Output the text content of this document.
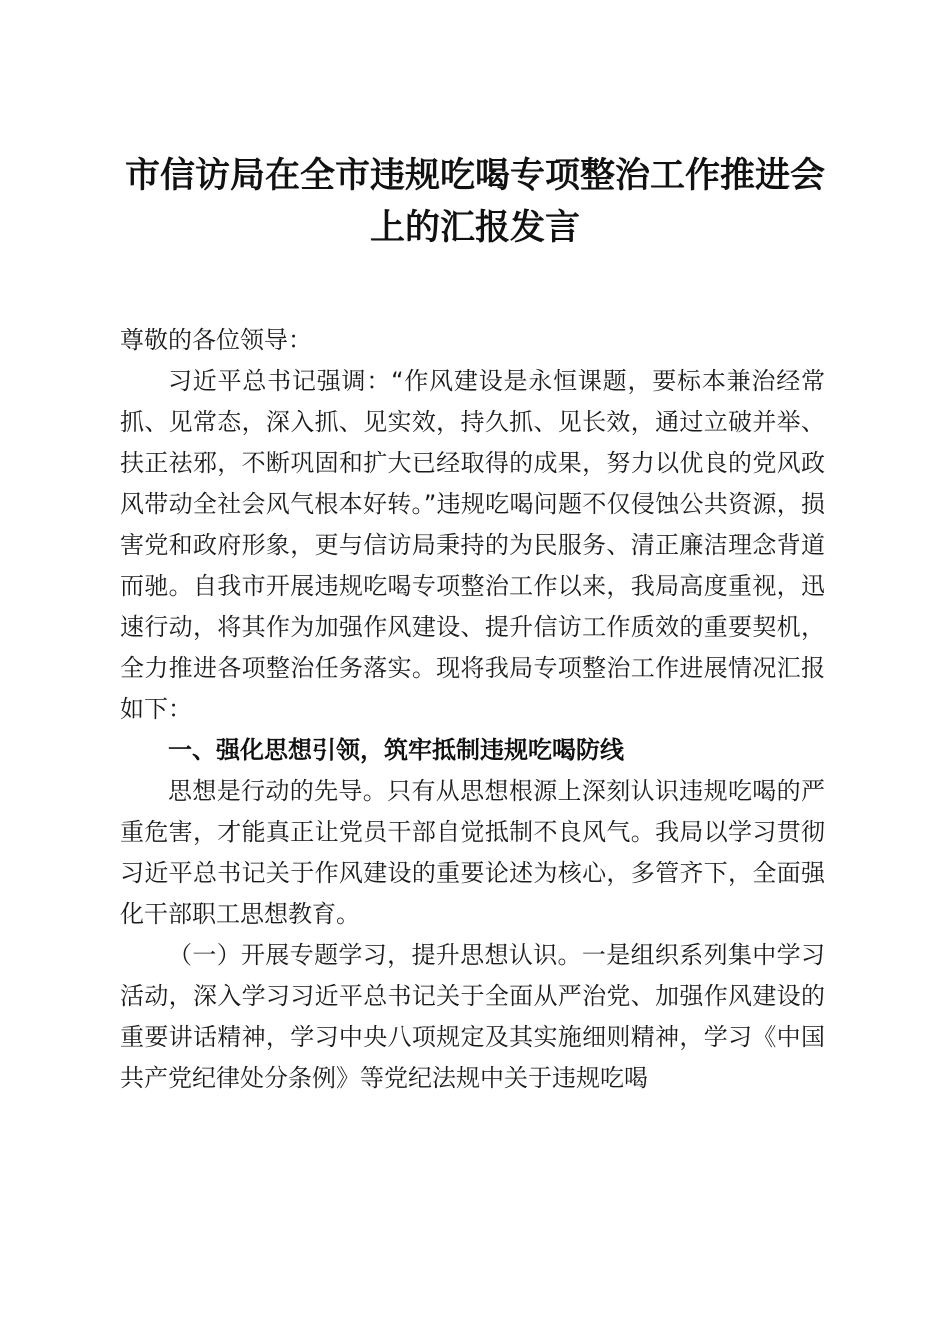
市信访局在全市违规吃喝专项整治工作推进会
上的汇报发言

尊敬的各位领导：

习近平总书记强调：“作风建设是永恒课题，要标本兼治经常抓、见常态，深入抓、见实效，持久抓、见长效，通过立破并举、扶正祛邪，不断巩固和扩大已经取得的成果，努力以优良的党风政风带动全社会风气根本好转。”违规吃喝问题不仅侵蚀公共资源，损害党和政府形象，更与信访局秉持的为民服务、清正廉洁理念背道而驰。自我市开展违规吃喝专项整治工作以来，我局高度重视，迅速行动，将其作为加强作风建设、提升信访工作质效的重要契机，全力推进各项整治任务落实。现将我局专项整治工作进展情况汇报如下：

一、强化思想引领，筑牢抵制违规吃喝防线

思想是行动的先导。只有从思想根源上深刻认识违规吃喝的严重危害，才能真正让党员干部自觉抵制不良风气。我局以学习贯彻习近平总书记关于作风建设的重要论述为核心，多管齐下，全面强化干部职工思想教育。

（一）开展专题学习，提升思想认识。一是组织系列集中学习活动，深入学习习近平总书记关于全面从严治党、加强作风建设的重要讲话精神，学习中央八项规定及其实施细则精神，学习《中国共产党纪律处分条例》等党纪法规中关于违规吃喝
